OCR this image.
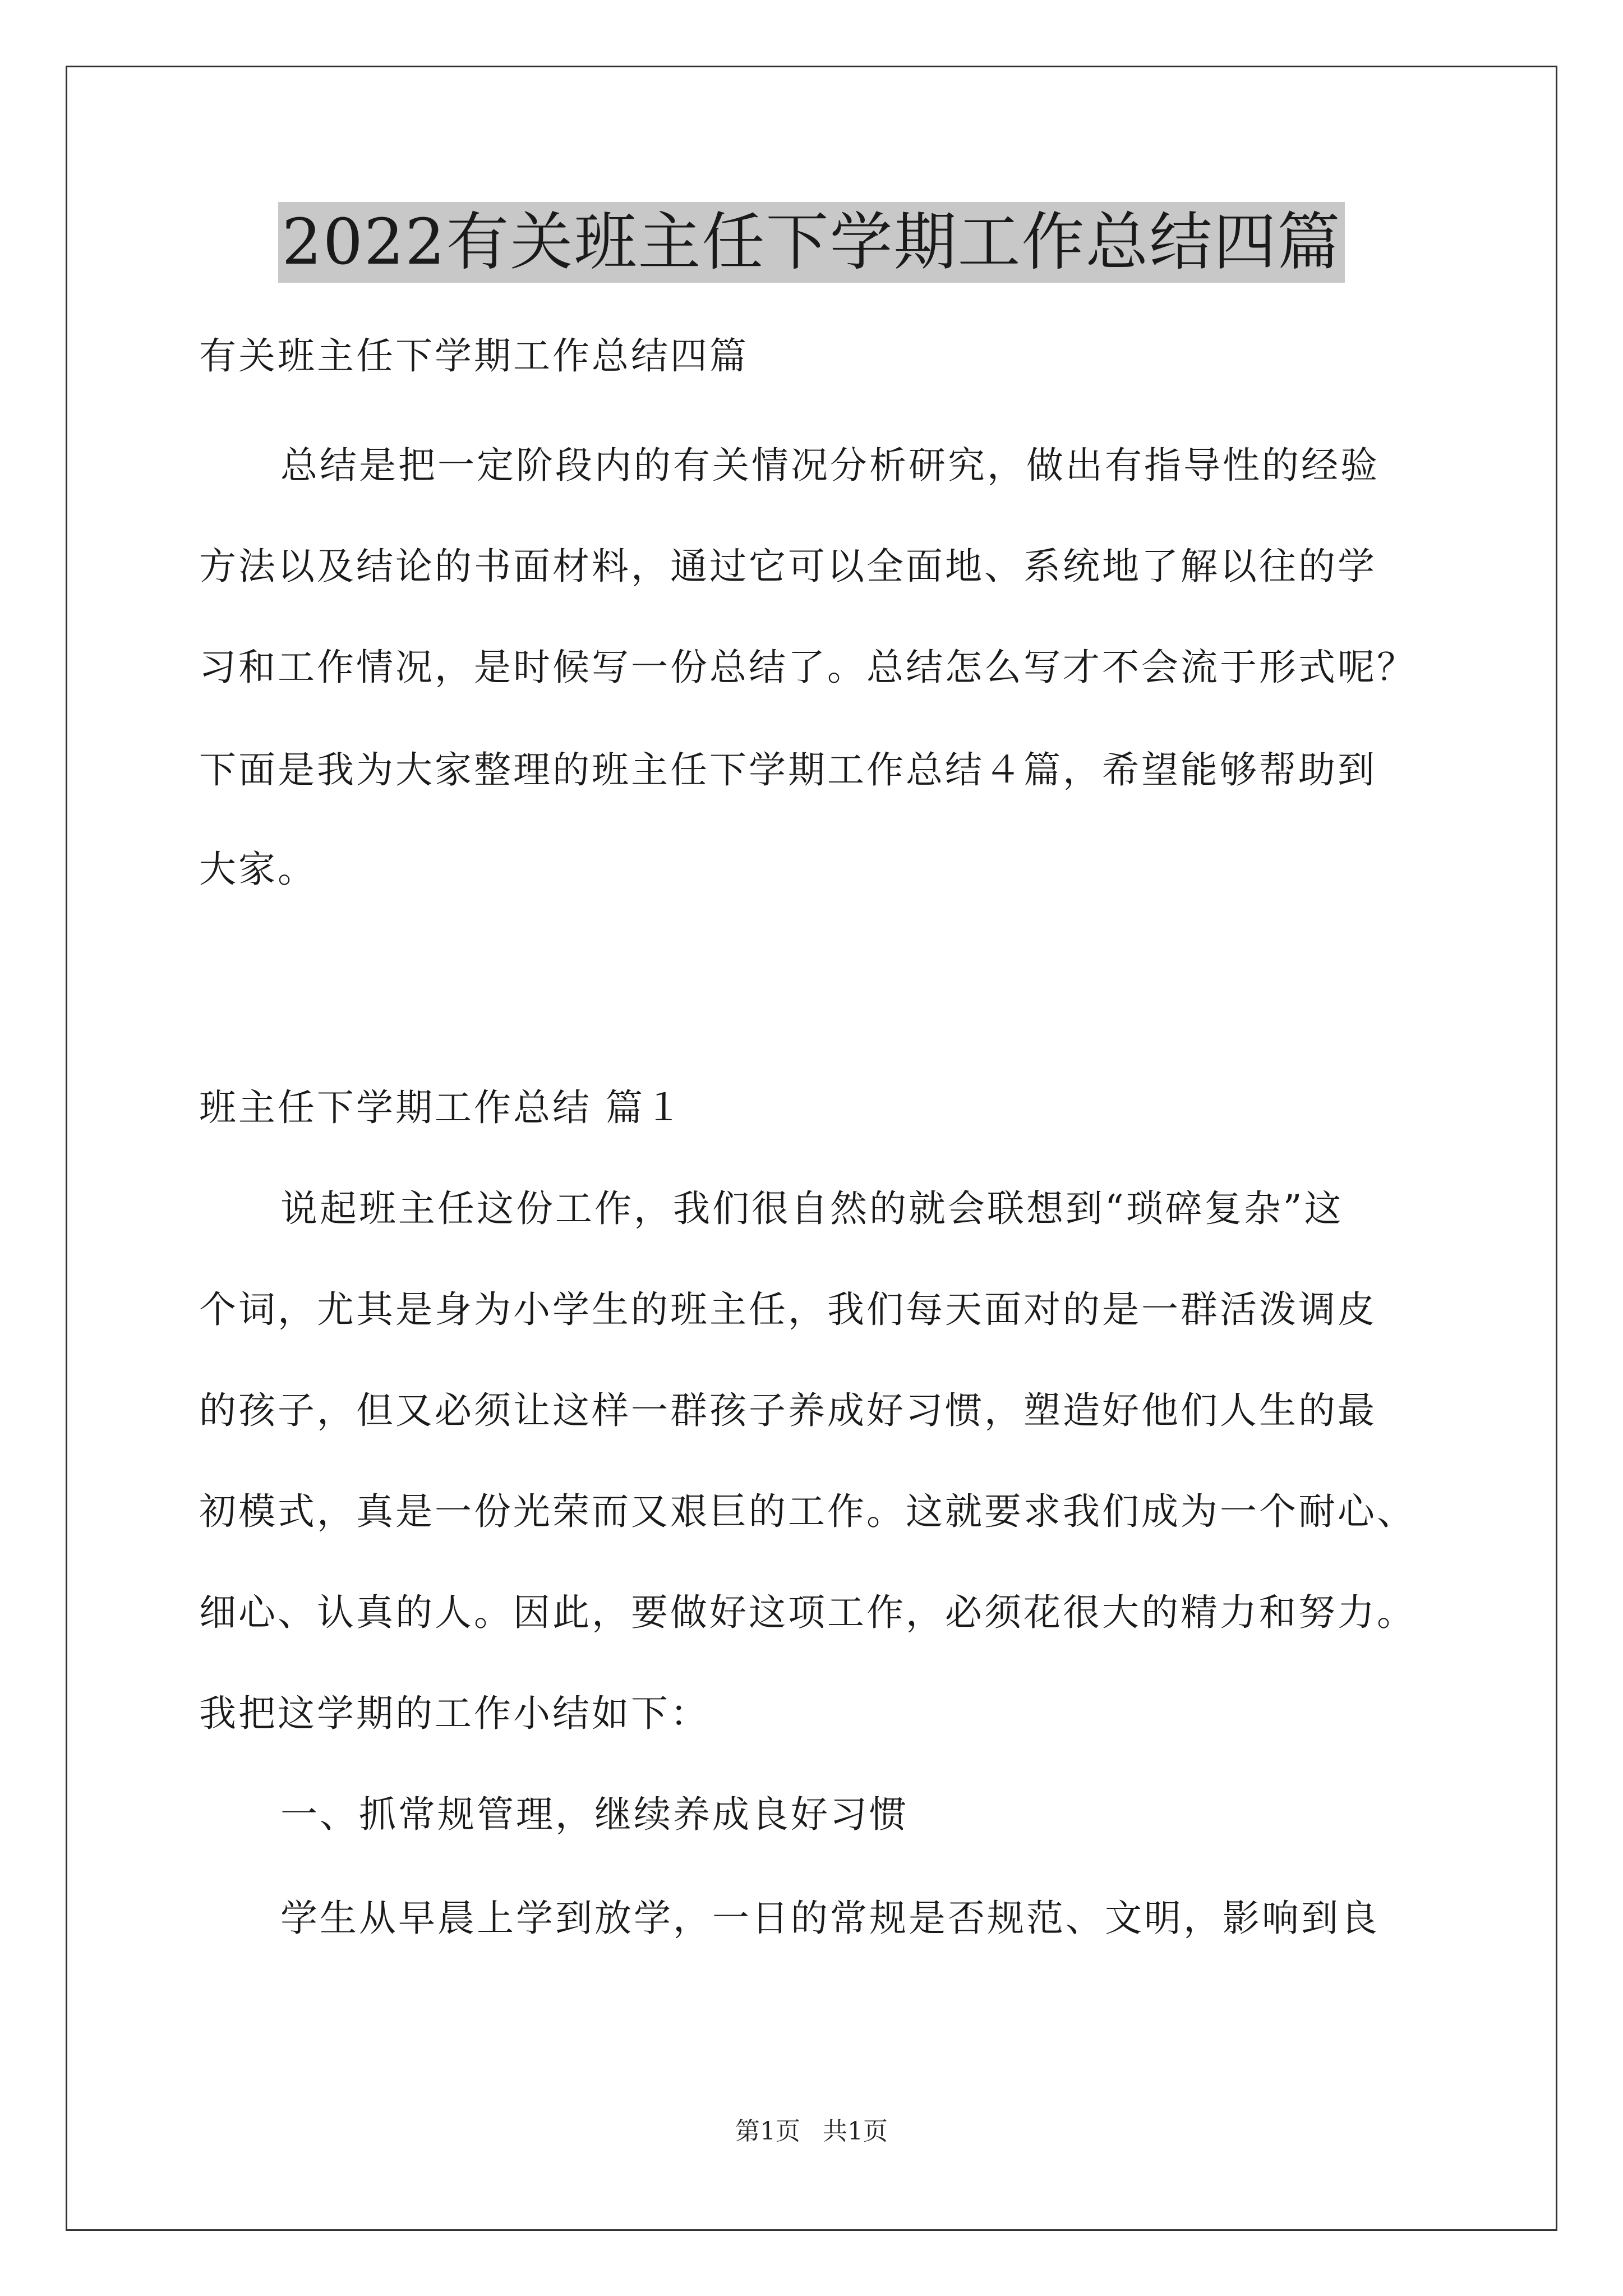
2022有关班主任下学期工作总结四篇
有关班主任下学期工作总结四篇
总结是把一定阶段内的有关情况分析研究，做出有指导性的经验
方法以及结论的书面材料，通过它可以全面地、系统地了解以往的学
习和工作情况，是时候写一份总结了。总结怎么写才不会流于形式呢？
下面是我为大家整理的班主任下学期工作总结４篇，希望能够帮助到
大家。
班主任下学期工作总结 篇１
说起班主任这份工作，我们很自然的就会联想到“琐碎复杂”这
个词，尤其是身为小学生的班主任，我们每天面对的是一群活泼调皮
的孩子，但又必须让这样一群孩子养成好习惯，塑造好他们人生的最
初模式，真是一份光荣而又艰巨的工作。这就要求我们成为一个耐心、
细心、认真的人。因此，要做好这项工作，必须花很大的精力和努力。
我把这学期的工作小结如下：
一、抓常规管理，继续养成良好习惯
学生从早晨上学到放学，一日的常规是否规范、文明，影响到良
第1页 共1页
